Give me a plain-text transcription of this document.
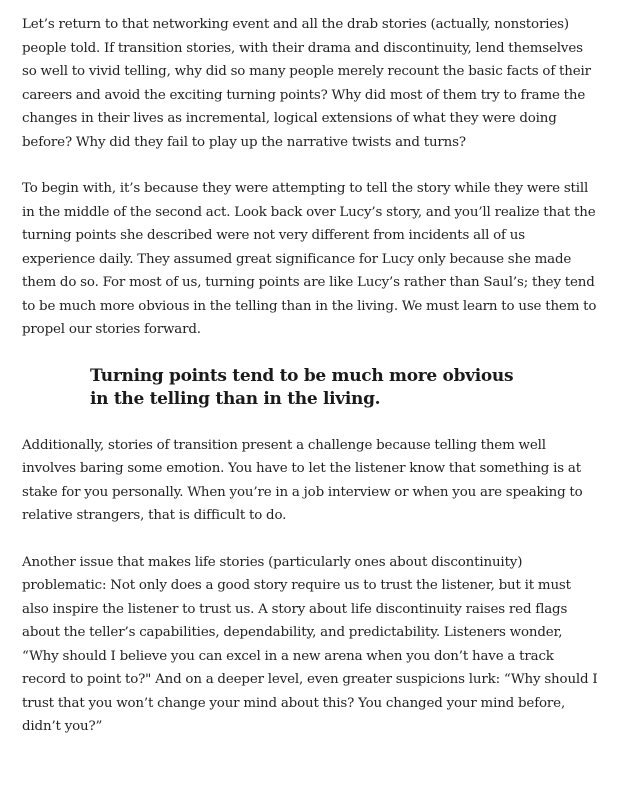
Let’s return to that networking event and all the drab stories (actually, nonstories) people told. If transition stories, with their drama and discontinuity, lend themselves so well to vivid telling, why did so many people merely recount the basic facts of their careers and avoid the exciting turning points? Why did most of them try to frame the changes in their lives as incremental, logical extensions of what they were doing before? Why did they fail to play up the narrative twists and turns?

To begin with, it’s because they were attempting to tell the story while they were still in the middle of the second act. Look back over Lucy’s story, and you’ll realize that the turning points she described were not very different from incidents all of us experience daily. They assumed great significance for Lucy only because she made them do so. For most of us, turning points are like Lucy’s rather than Saul’s; they tend to be much more obvious in the telling than in the living. We must learn to use them to propel our stories forward.

Turning points tend to be much more obvious in the telling than in the living.

Additionally, stories of transition present a challenge because telling them well involves baring some emotion. You have to let the listener know that something is at stake for you personally. When you’re in a job interview or when you are speaking to relative strangers, that is difficult to do.

Another issue that makes life stories (particularly ones about discontinuity) problematic: Not only does a good story require us to trust the listener, but it must also inspire the listener to trust us. A story about life discontinuity raises red flags about the teller’s capabilities, dependability, and predictability. Listeners wonder, “Why should I believe you can excel in a new arena when you don’t have a track record to point to?" And on a deeper level, even greater suspicions lurk: “Why should I trust that you won’t change your mind about this? You changed your mind before, didn’t you?”
